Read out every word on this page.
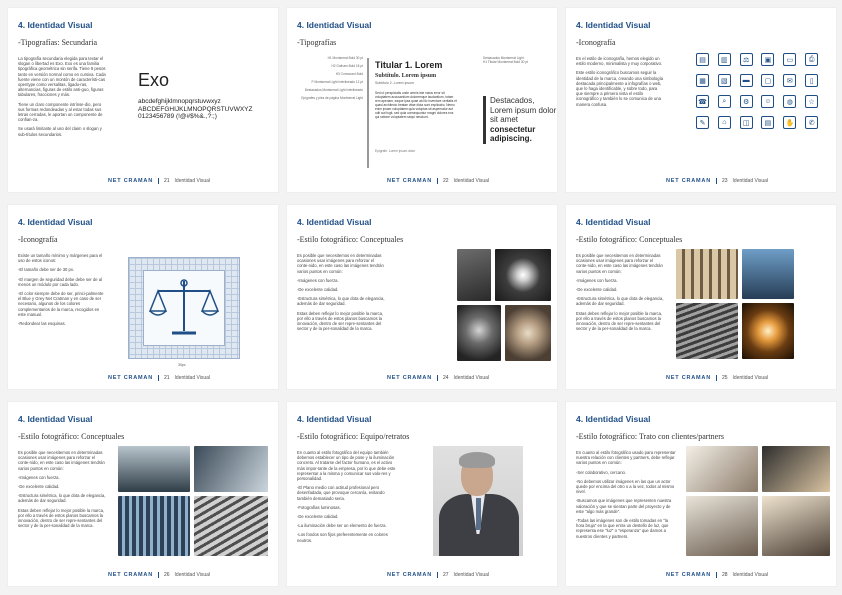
4. Identidad Visual
-Tipografías: Secundaria

La tipografía secundaria elegida para textar el slogan o libertad es Exo. Exo es una familia tipográfica geométrica sin serifa. Tiene 9 pesos tanto en versión normal como en cursiva. Cada fuente viene con un montón de característi-cas opentype como versalitas, ligadu-ras, alternancias, figuras de estilo anti-guo, figuras tabulares, fracciones y más.

Tiene un claro componente intrínse-dio, pero sus formas redondeadas y al estar todas sus letras cerradas, le aportan un componente de confian-za.

Se usará limitante al uso del claim o slogan y sub-títulos secundarios.

Exo
abcdefghijklmnopqrstuvwxyz ABCDEFGHIJKLMNOPQRSTUVWXYZ 0123456789 (!@#$%&.,?:;)
NET CRAMAN 21 Identidad Visual
4. Identidad Visual
-Tipografías
H1 Montserrat Bold 30 pt
H2 Gotham Bold 18 pt
H3 Cormorant Bold
P Montserrat Light Interlineado 12 pt
Destacados Montserrat Light Interlineado
Epígrafes y pies de página Montserrat Light
Titular 1. Lorem
Subtítulo. Lorem ipsum
Subtítulo 2. Lorem ipsum
Sed ut perspiciatis unde omnis iste natus error sit voluptatem accusantium doloremque laudantium, totam rem aperiam, eaque ipsa quae ab illo inventore veritatis et quasi architecto beatae vitae dicta sunt explicabo. Nemo enim ipsam voluptatem quia voluptas sit aspernatur aut odit aut fugit, sed quia consequuntur magni dolores eos qui ratione voluptatem sequi nesciunt.
Epígrafe. Lorem ipsum dolor
Destacados Montserrat Light
H1 Titular Montserrat Bold 30 pt
Destacados, Lorem ipsum dolor sit amet
consectetur adipiscing.
NET CRAMAN 22 Identidad Visual
4. Identidad Visual
-Iconografía

En el estilo de iconografía, hemos elegido un estilo moderno, minimalista y muy corporativo.

Este estilo iconográfico buscamos seguir la identidad de la marca, creando una simbología destacada principalmente a infografías o web, que lo haga identificable, y sobre todo, para que siempre a primera vista el estilo iconográfico y también lo se comunica de una manera confusa.

▤	▥	⚖	▣	▭	⎙
▦	▧	▬	▢	✉	▯
☎	⌕	⚙	☺	◍	☆
✎	⌂	◫	▤	✋	✆
NET CRAMAN 23 Identidad Visual
4. Identidad Visual
-Iconografía

Existe un tamaño mínimo y márgenes para el uso de estos iconos:

-El tamaño debe ser de 30 px.

-El margen de seguridad debe debe ser de al menos un módulo por cada lado.

-El color siempre debe de ser, princi-palmente el Blue y Grey Net Cratman y en caso de ser necesario, algunos de los colores complementarios de la marca, recogidos en este manual.

-Redondear las esquinas.

30px
NET CRAMAN 21 Identidad Visual
4. Identidad Visual
-Estilo fotográfico: Conceptuales

Es posible que necesitemos en determinadas ocasiones usar imágenes para reforzar el conte-nido, en este caso las imágenes tendrán varios puntos en común:

-Imágenes con fuerza.

-De excelente calidad.

-Estructura simétrica, lo que dota de elegancia, además de dar seguridad.

Estas deben reflejar lo mejor posible la marca, por ello a través de estos planos buscamos la innovación, dentro de ser repre-sentantes del sector y de la per-sonalidad de la marca.

NET CRAMAN 24 Identidad Visual
4. Identidad Visual
-Estilo fotográfico: Conceptuales

Es posible que necesitemos en determinadas ocasiones usar imágenes para reforzar el conte-nido, en este caso las imágenes tendrán varios puntos en común:

-Imágenes con fuerza.

-De excelente calidad.

-Estructura simétrica, lo que dota de elegancia, además de dar seguridad.

Estas deben reflejar lo mejor posible la marca, por ello a través de estos planos buscamos la innovación, dentro de ser repre-sentantes del sector y de la per-sonalidad de la marca.

NET CRAMAN 25 Identidad Visual
4. Identidad Visual
-Estilo fotográfico: Conceptuales

Es posible que necesitemos en determinadas ocasiones usar imágenes para reforzar el conte-nido, en este caso las imágenes tendrán varios puntos en común:

-Imágenes con fuerza.

-De excelente calidad.

-Estructura simétrica, lo que dota de elegancia, además de dar seguridad.

Estas deben reflejar lo mejor posible la marca, por ello a través de estos planos buscamos la innovación, dentro de ser repre-sentantes del sector y de la per-sonalidad de la marca.

NET CRAMAN 26 Identidad Visual
4. Identidad Visual
-Estilo fotográfico: Equipo/retratos

En cuanto al estilo fotográfico del equipo también debemos establecer un tipo de pose y la iluminación concreto. Al tratarse del factor humano, es el activo más impor-tante de la empresa, por lo que debe este representar a la misma y comunicar sus valo-res y personalidad.

-El Plano medio con actitud profesional pero desenfadada, que provoque cercanía, evitando también demasiado seria.

-Fotografías luminosas.

-De excelente calidad.

-La iluminación debe ser un elemento de fuerza.

-Los fondos son fijos preferentemente en colores neutros.

NET CRAMAN 27 Identidad Visual
4. Identidad Visual
-Estilo fotográfico: Trato con clientes/partners

En cuanto al estilo fotográfico usado para representar nuestra relación con clientes y partners, debe reflejar varios puntos en común:

-Ser colaborativo, cercano.

-No debemos utilizar imágenes en las que un actor quede por encima del otro o a la vez, todos al mismo nivel.

-Buscamos que imágenes que representen nuestra valoración y que se sientan parte del proyecto y de este "algo más grande".

-Todas las imágenes son de estilo tomadas en "la hora bruja" en la que entra un destello de luz, que representa ese "luz" o "esperanza" que damos a nuestros clientes y partners.

NET CRAMAN 28 Identidad Visual
